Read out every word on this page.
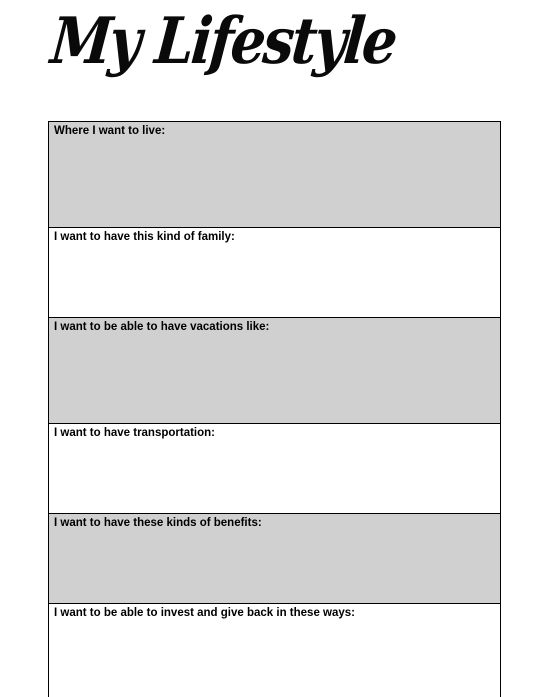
My Lifestyle
Where I want to live:
I want to have this kind of family:
I want to be able to have vacations like:
I want to have transportation:
I want to have these kinds of benefits:
I want to be able to invest and give back in these ways:
